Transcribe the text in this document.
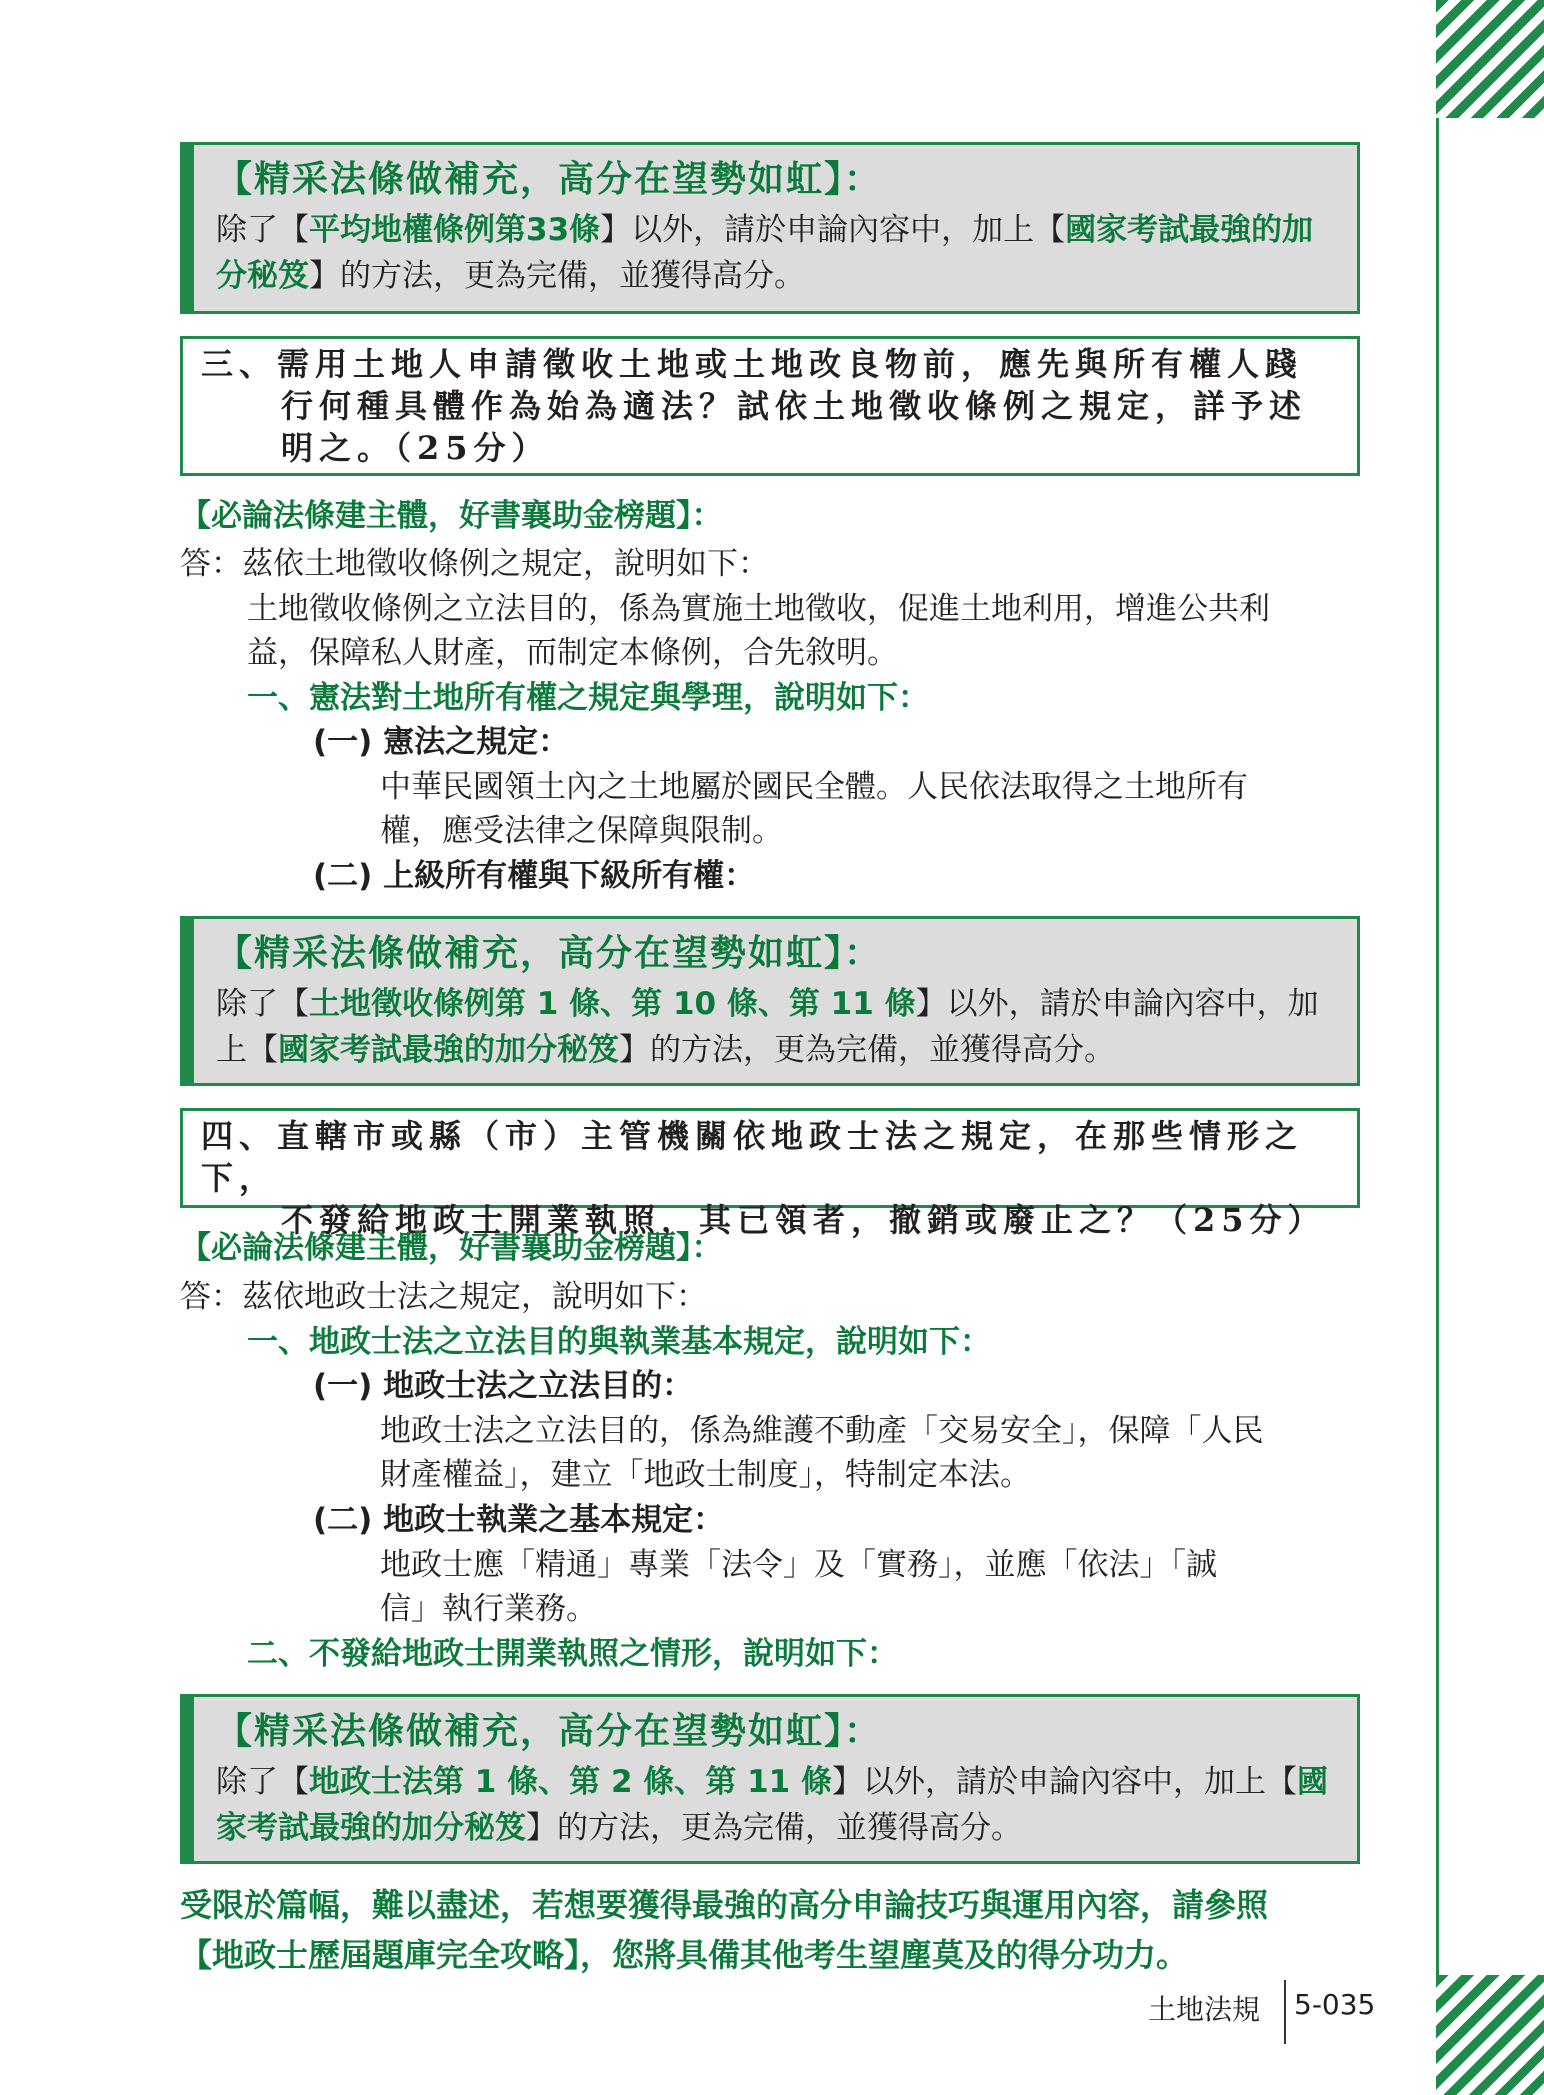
【精采法條做補充，高分在望勢如虹】：
除了【平均地權條例第33條】以外，請於申論內容中，加上【國家考試最強的加分秘笈】的方法，更為完備，並獲得高分。
三、需用土地人申請徵收土地或土地改良物前，應先與所有權人踐
行何種具體作為始為適法？試依土地徵收條例之規定，詳予述
明之。（25分）
【必論法條建主體，好書襄助金榜題】：
答：茲依土地徵收條例之規定，說明如下：
土地徵收條例之立法目的，係為實施土地徵收，促進土地利用，增進公共利
益，保障私人財產，而制定本條例，合先敘明。
一、憲法對土地所有權之規定與學理，說明如下：
(一) 憲法之規定：
中華民國領土內之土地屬於國民全體。人民依法取得之土地所有
權，應受法律之保障與限制。
(二) 上級所有權與下級所有權：
【精采法條做補充，高分在望勢如虹】：
除了【土地徵收條例第 1 條、第 10 條、第 11 條】以外，請於申論內容中，加上【國家考試最強的加分秘笈】的方法，更為完備，並獲得高分。
四、直轄市或縣（市）主管機關依地政士法之規定，在那些情形之下，
不發給地政士開業執照，其已領者，撤銷或廢止之？（25分）
【必論法條建主體，好書襄助金榜題】：
答：茲依地政士法之規定，說明如下：
一、地政士法之立法目的與執業基本規定，說明如下：
(一) 地政士法之立法目的：
地政士法之立法目的，係為維護不動產「交易安全」，保障「人民
財產權益」，建立「地政士制度」，特制定本法。
(二) 地政士執業之基本規定：
地政士應「精通」專業「法令」及「實務」，並應「依法」「誠
信」執行業務。
二、不發給地政士開業執照之情形，說明如下：
【精采法條做補充，高分在望勢如虹】：
除了【地政士法第 1 條、第 2 條、第 11 條】以外，請於申論內容中，加上【國家考試最強的加分秘笈】的方法，更為完備，並獲得高分。
受限於篇幅，難以盡述，若想要獲得最強的高分申論技巧與運用內容，請參照
【地政士歷屆題庫完全攻略】，您將具備其他考生望塵莫及的得分功力。
土地法規 5-035
